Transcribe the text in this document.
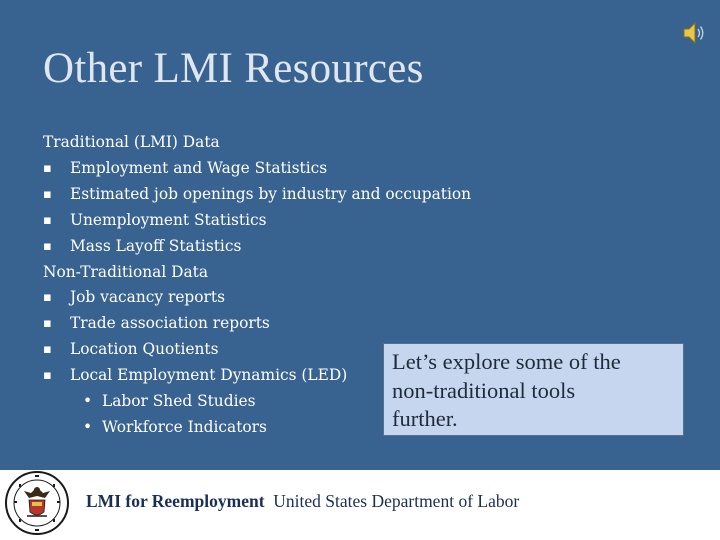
Other LMI Resources
Traditional (LMI) Data
▪ Employment and Wage Statistics
▪ Estimated job openings by industry and occupation
▪ Unemployment Statistics
▪ Mass Layoff Statistics
Non-Traditional Data
▪ Job vacancy reports
▪ Trade association reports
▪ Location Quotients
▪ Local Employment Dynamics (LED)
• Labor Shed Studies
• Workforce Indicators
Let’s explore some of the
non-traditional tools
further.
LMI for Reemployment United States Department of Labor
